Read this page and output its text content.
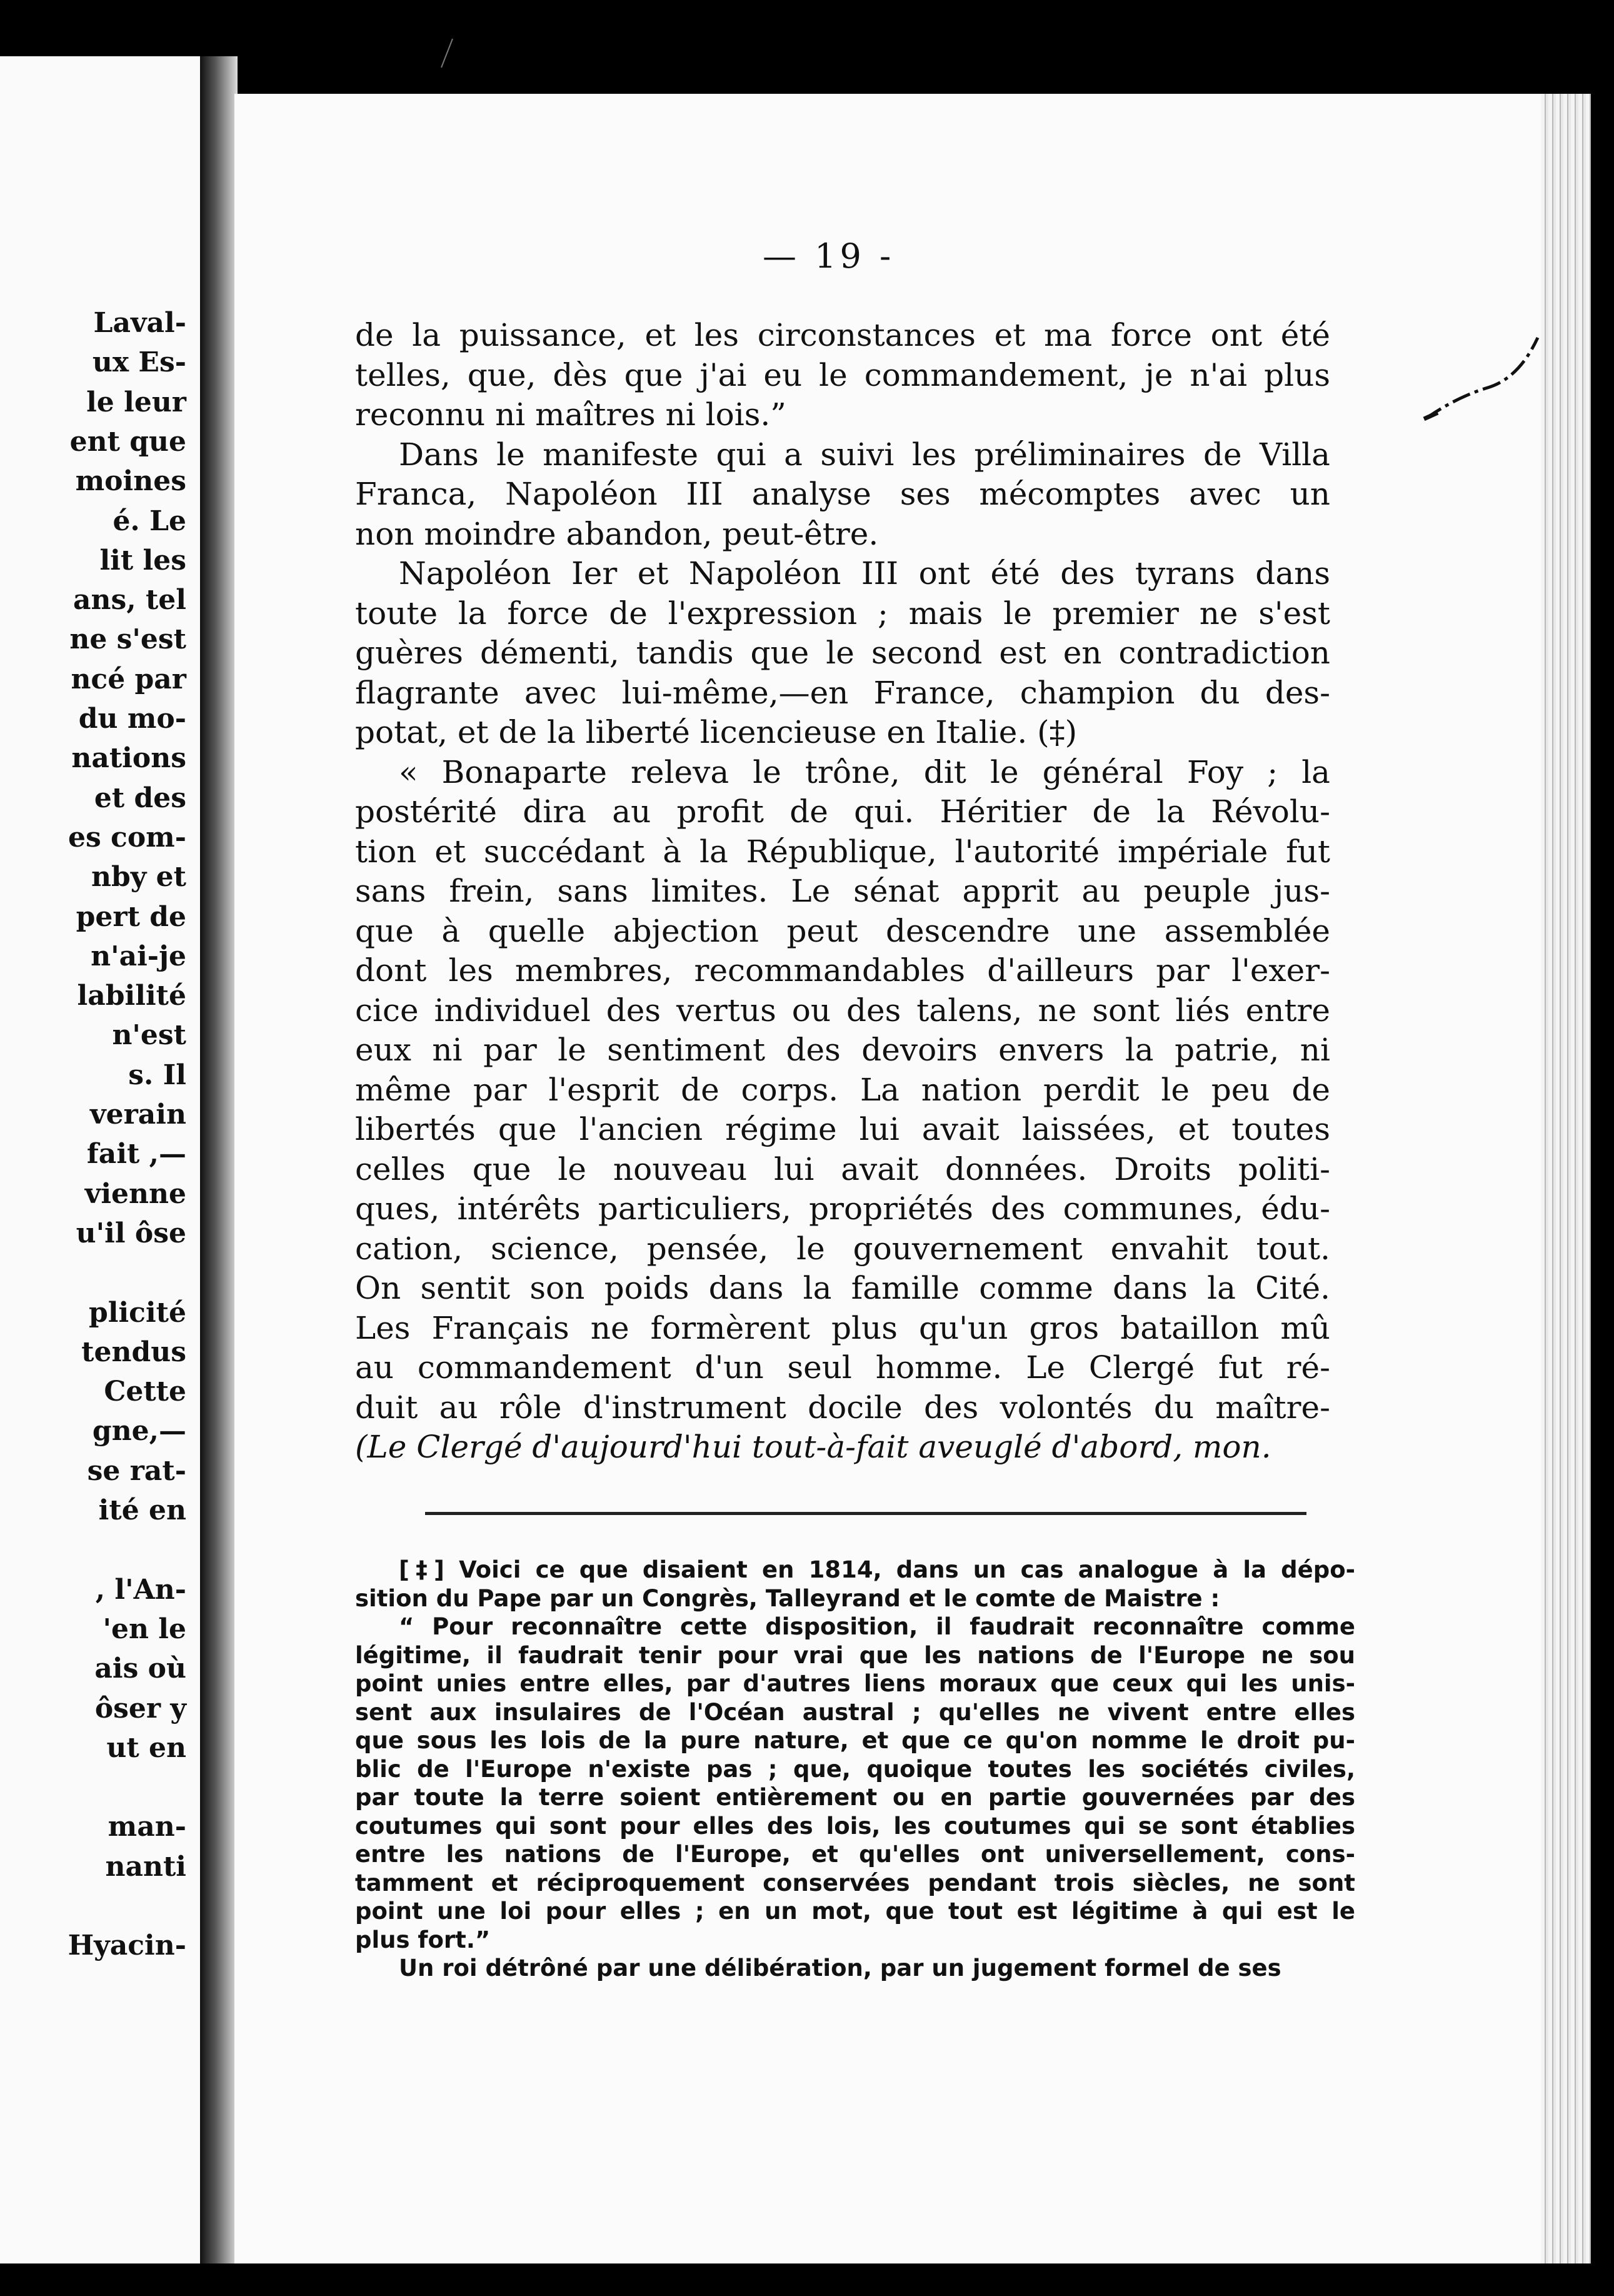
Laval-
ux Es-
le leur
ent que
moines
é. Le
lit les
ans, tel
ne s'est
ncé par
du mo-
nations
et des
es com-
nby et
pert de
n'ai-je
labilité
n'est
s. Il
verain
fait ,—
vienne
u'il ôse
plicité
tendus
Cette
gne,—
se rat-
ité en
, l'An-
'en le
ais où
ôser y
ut en
man-
nanti
Hyacin-
— 19 -
de la puissance, et les circonstances et ma force ont été
telles, que, dès que j'ai eu le commandement, je n'ai plus
reconnu ni maîtres ni lois.”
Dans le manifeste qui a suivi les préliminaires de Villa
Franca, Napoléon III analyse ses mécomptes avec un
non moindre abandon, peut-être.
Napoléon Ier et Napoléon III ont été des tyrans dans
toute la force de l'expression ; mais le premier ne s'est
guères démenti, tandis que le second est en contradiction
flagrante avec lui-même,—en France, champion du des-
potat, et de la liberté licencieuse en Italie. (‡)
« Bonaparte releva le trône, dit le général Foy ; la
postérité dira au profit de qui. Héritier de la Révolu-
tion et succédant à la République, l'autorité impériale fut
sans frein, sans limites. Le sénat apprit au peuple jus-
que à quelle abjection peut descendre une assemblée
dont les membres, recommandables d'ailleurs par l'exer-
cice individuel des vertus ou des talens, ne sont liés entre
eux ni par le sentiment des devoirs envers la patrie, ni
même par l'esprit de corps. La nation perdit le peu de
libertés que l'ancien régime lui avait laissées, et toutes
celles que le nouveau lui avait données. Droits politi-
ques, intérêts particuliers, propriétés des communes, édu-
cation, science, pensée, le gouvernement envahit tout.
On sentit son poids dans la famille comme dans la Cité.
Les Français ne formèrent plus qu'un gros bataillon mû
au commandement d'un seul homme. Le Clergé fut ré-
duit au rôle d'instrument docile des volontés du maître-
(Le Clergé d'aujourd'hui tout-à-fait aveuglé d'abord, mon.
[‡] Voici ce que disaient en 1814, dans un cas analogue à la dépo-
sition du Pape par un Congrès, Talleyrand et le comte de Maistre :
“ Pour reconnaître cette disposition, il faudrait reconnaître comme
légitime, il faudrait tenir pour vrai que les nations de l'Europe ne sou
point unies entre elles, par d'autres liens moraux que ceux qui les unis-
sent aux insulaires de l'Océan austral ; qu'elles ne vivent entre elles
que sous les lois de la pure nature, et que ce qu'on nomme le droit pu-
blic de l'Europe n'existe pas ; que, quoique toutes les sociétés civiles,
par toute la terre soient entièrement ou en partie gouvernées par des
coutumes qui sont pour elles des lois, les coutumes qui se sont établies
entre les nations de l'Europe, et qu'elles ont universellement, cons-
tamment et réciproquement conservées pendant trois siècles, ne sont
point une loi pour elles ; en un mot, que tout est légitime à qui est le
plus fort.”
Un roi détrôné par une délibération, par un jugement formel de ses
